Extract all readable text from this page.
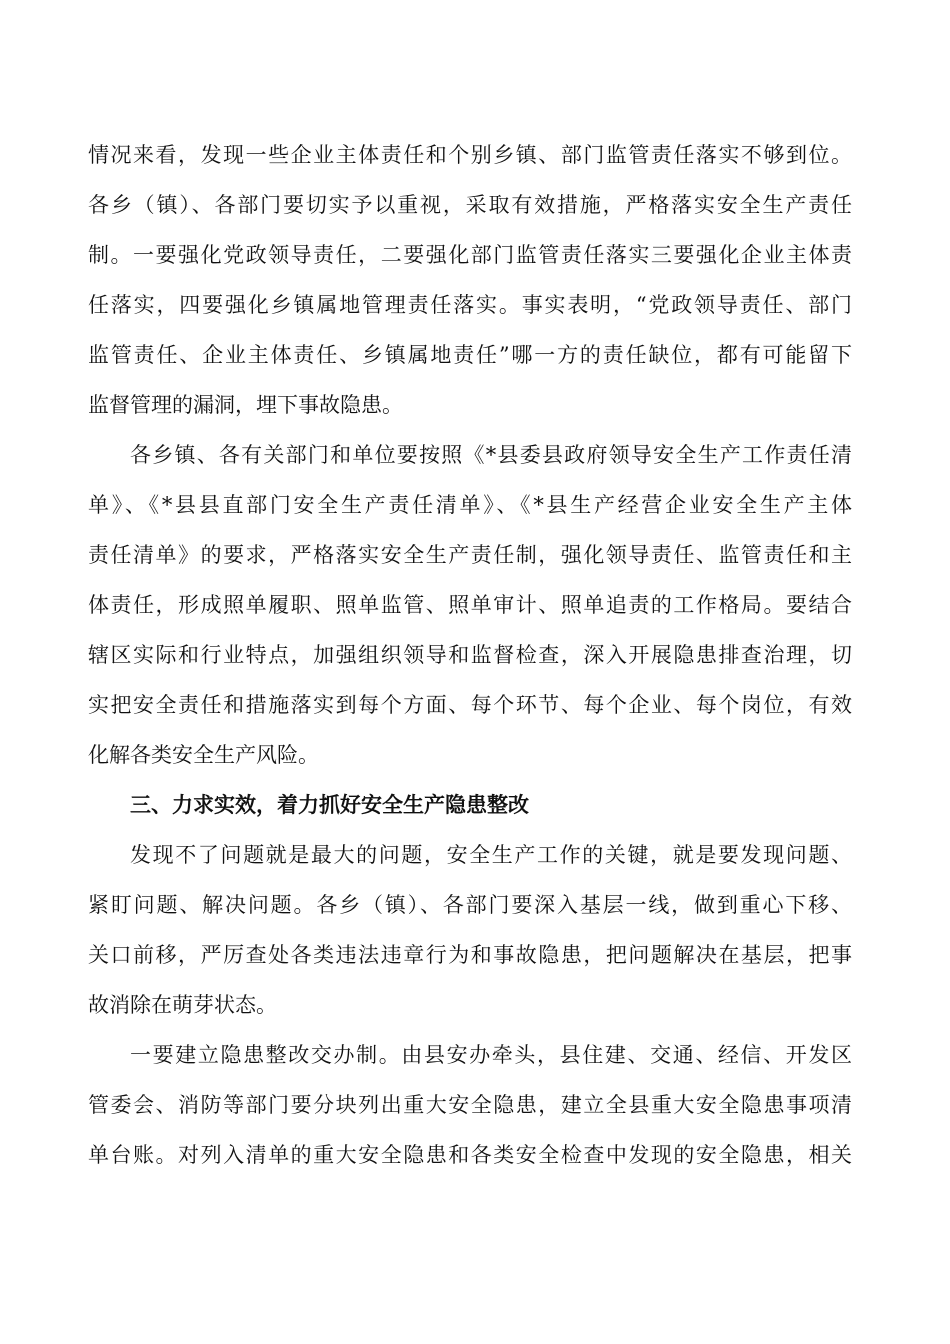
情况来看，发现一些企业主体责任和个别乡镇、部门监管责任落实不够到位。
各乡（镇）、各部门要切实予以重视，采取有效措施，严格落实安全生产责任
制。一要强化党政领导责任，二要强化部门监管责任落实三要强化企业主体责
任落实，四要强化乡镇属地管理责任落实。事实表明，“党政领导责任、部门
监管责任、企业主体责任、乡镇属地责任”哪一方的责任缺位，都有可能留下
监督管理的漏洞，埋下事故隐患。
各乡镇、各有关部门和单位要按照《*县委县政府领导安全生产工作责任清
单》、《*县县直部门安全生产责任清单》、《*县生产经营企业安全生产主体
责任清单》的要求，严格落实安全生产责任制，强化领导责任、监管责任和主
体责任，形成照单履职、照单监管、照单审计、照单追责的工作格局。要结合
辖区实际和行业特点，加强组织领导和监督检查，深入开展隐患排查治理，切
实把安全责任和措施落实到每个方面、每个环节、每个企业、每个岗位，有效
化解各类安全生产风险。
三、力求实效，着力抓好安全生产隐患整改
发现不了问题就是最大的问题，安全生产工作的关键，就是要发现问题、
紧盯问题、解决问题。各乡（镇）、各部门要深入基层一线，做到重心下移、
关口前移，严厉查处各类违法违章行为和事故隐患，把问题解决在基层，把事
故消除在萌芽状态。
一要建立隐患整改交办制。由县安办牵头，县住建、交通、经信、开发区
管委会、消防等部门要分块列出重大安全隐患，建立全县重大安全隐患事项清
单台账。对列入清单的重大安全隐患和各类安全检查中发现的安全隐患，相关
